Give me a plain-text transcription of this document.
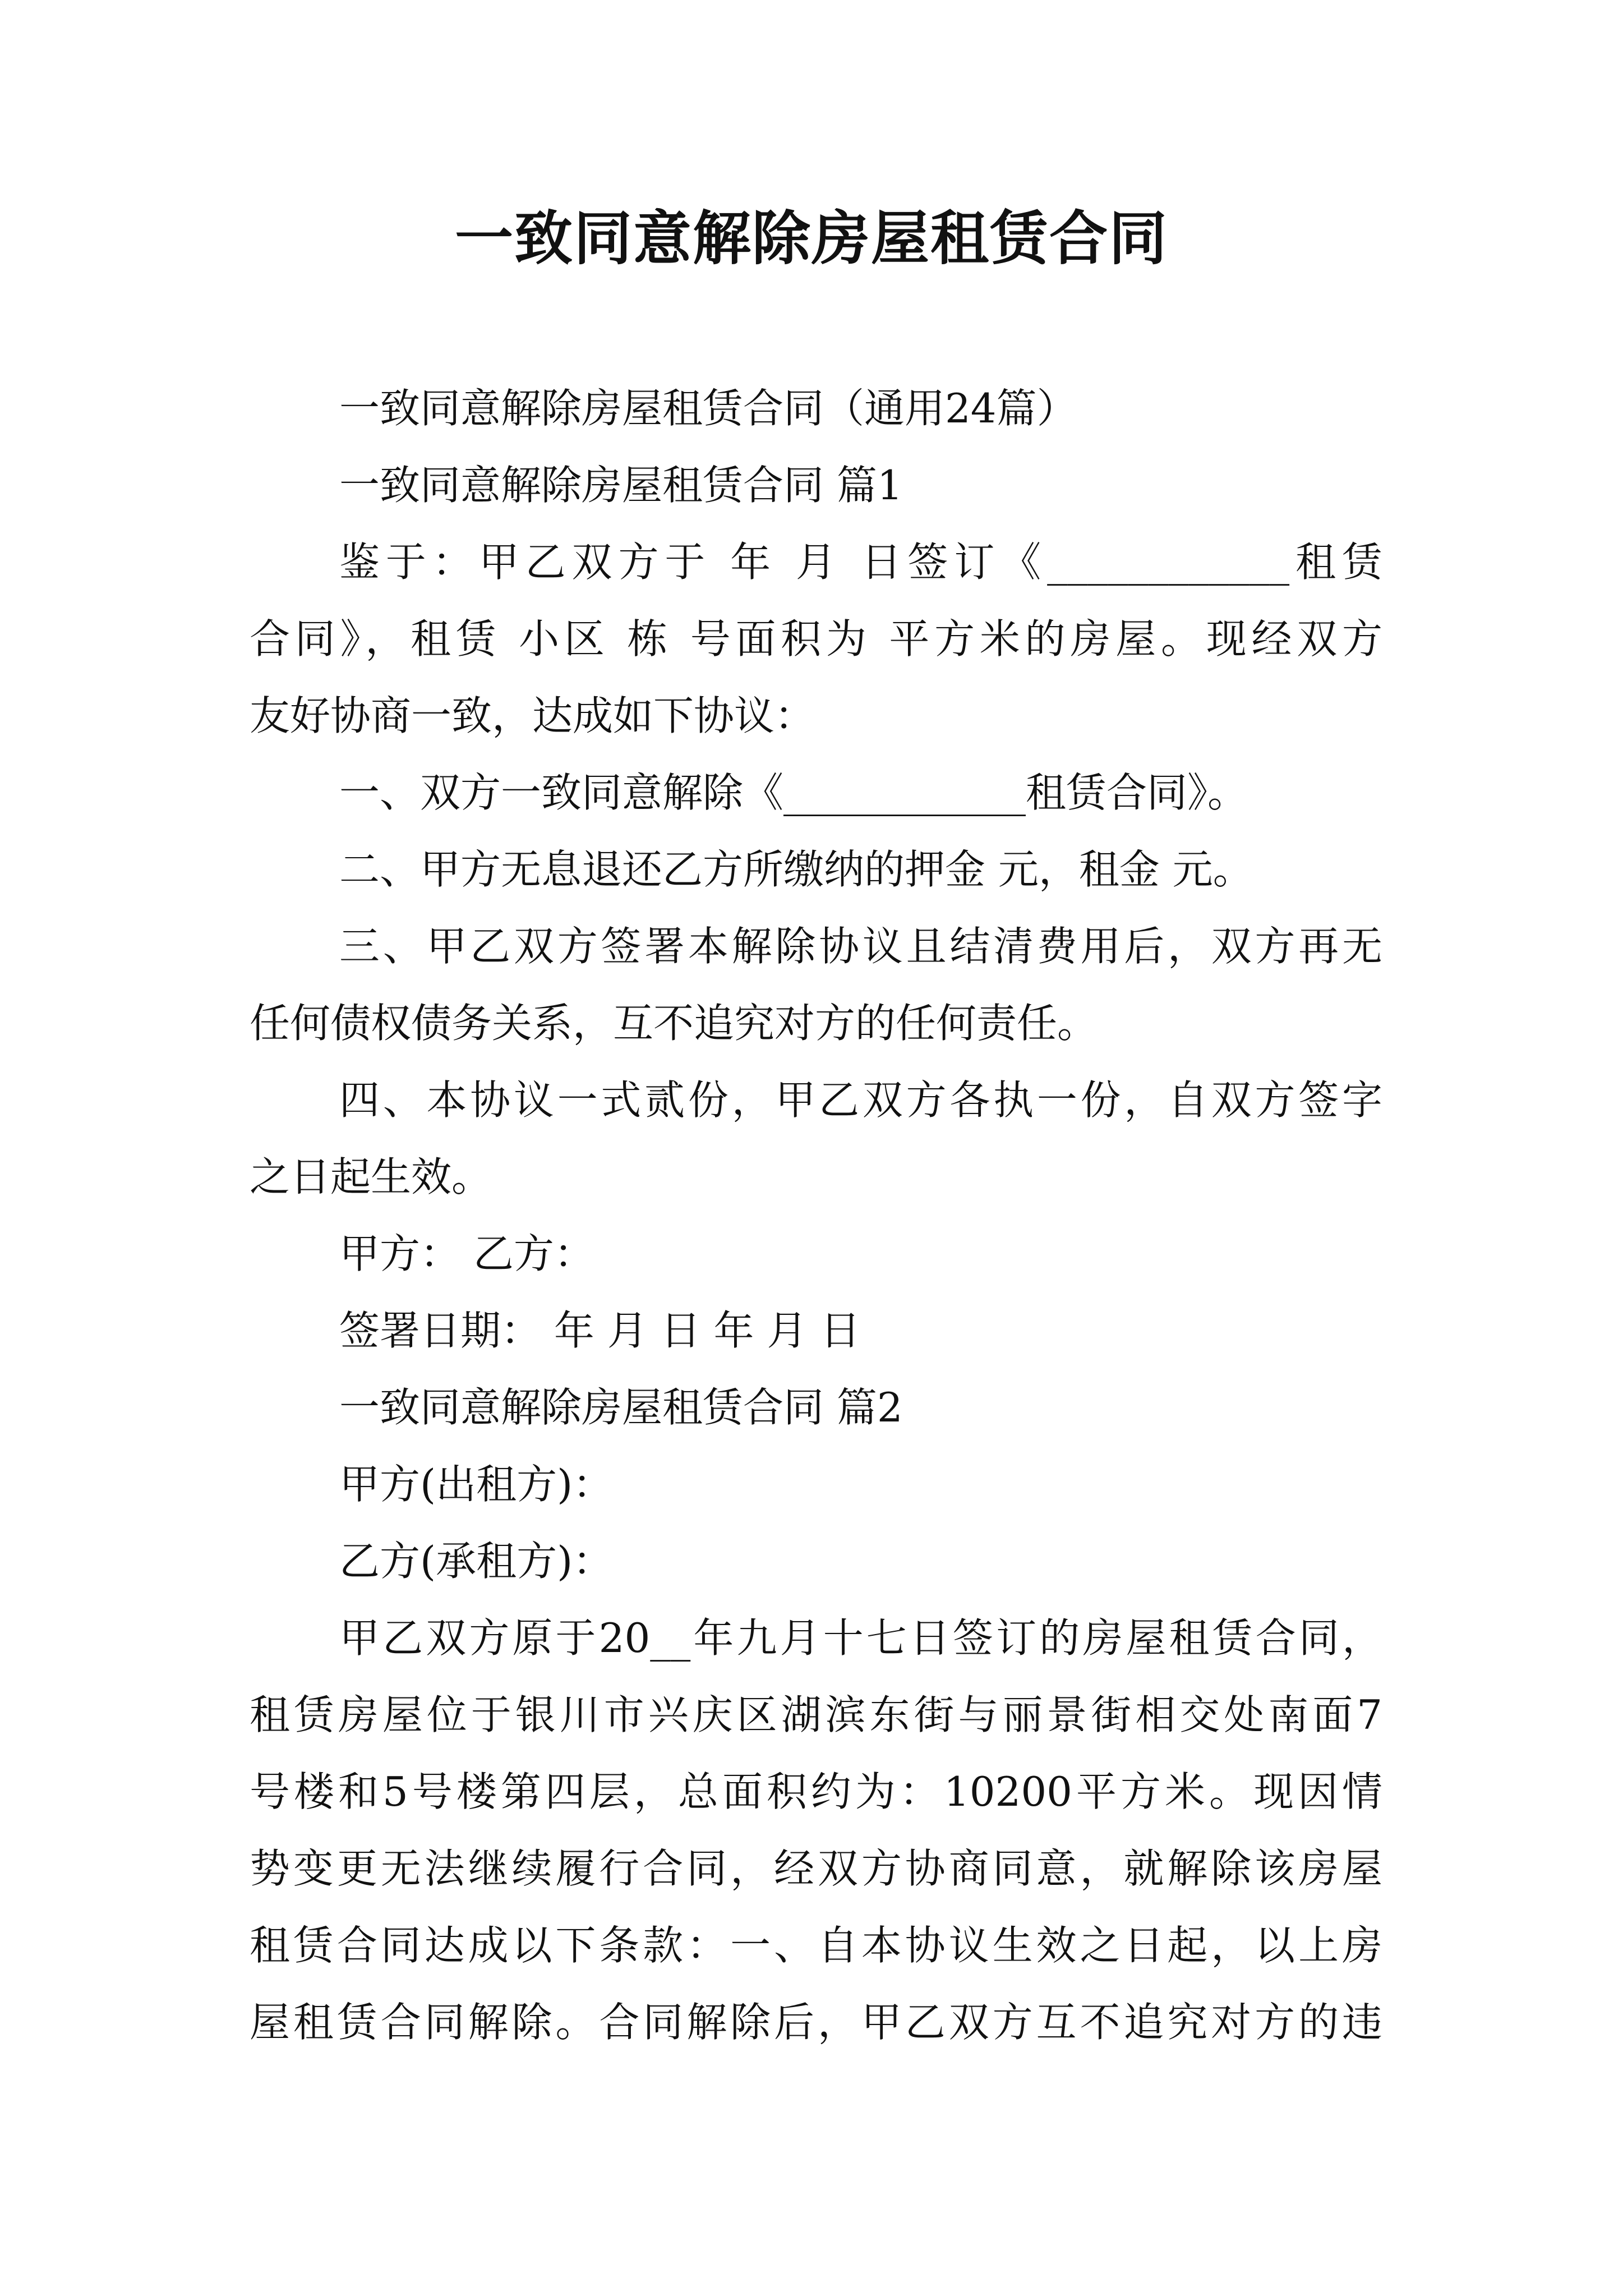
一致同意解除房屋租赁合同
一致同意解除房屋租赁合同（通用24篇）
一致同意解除房屋租赁合同 篇1
鉴于：甲乙双方于 年 月 日签订《____________租赁
合同》，租赁 小区 栋 号面积为 平方米的房屋。现经双方
友好协商一致，达成如下协议：
一、双方一致同意解除《____________租赁合同》。
二、甲方无息退还乙方所缴纳的押金 元，租金 元。
三、甲乙双方签署本解除协议且结清费用后，双方再无
任何债权债务关系，互不追究对方的任何责任。
四、本协议一式贰份，甲乙双方各执一份，自双方签字
之日起生效。
甲方： 乙方：
签署日期： 年 月 日 年 月 日
一致同意解除房屋租赁合同 篇2
甲方(出租方)：
乙方(承租方)：
甲乙双方原于20__年九月十七日签订的房屋租赁合同，
租赁房屋位于银川市兴庆区湖滨东街与丽景街相交处南面7
号楼和5号楼第四层，总面积约为：10200平方米。现因情
势变更无法继续履行合同，经双方协商同意，就解除该房屋
租赁合同达成以下条款：一、自本协议生效之日起，以上房
屋租赁合同解除。合同解除后，甲乙双方互不追究对方的违
